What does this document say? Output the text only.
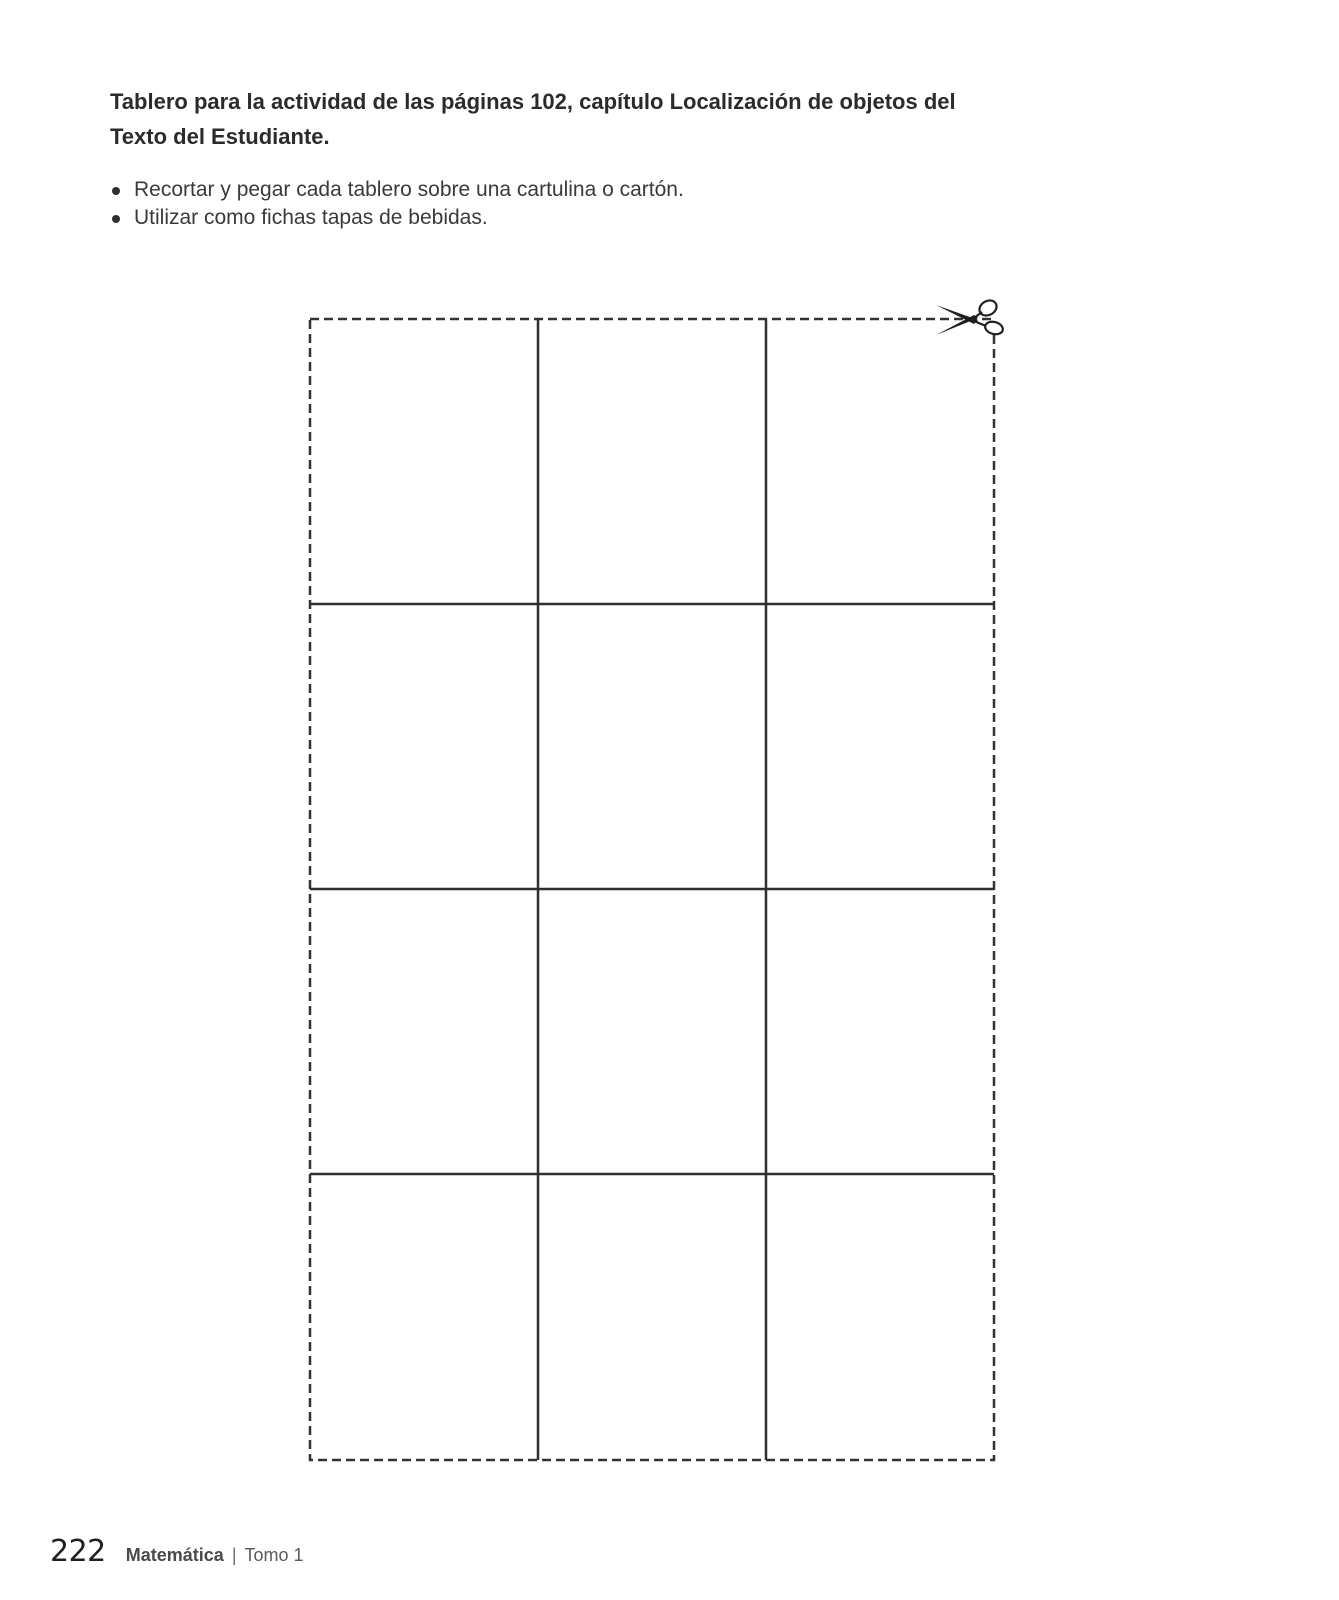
Tablero para la actividad de las páginas 102, capítulo Localización de objetos del Texto del Estudiante.
Recortar y pegar cada tablero sobre una cartulina o cartón.
Utilizar como fichas tapas de bebidas.
222 Matemática | Tomo 1
